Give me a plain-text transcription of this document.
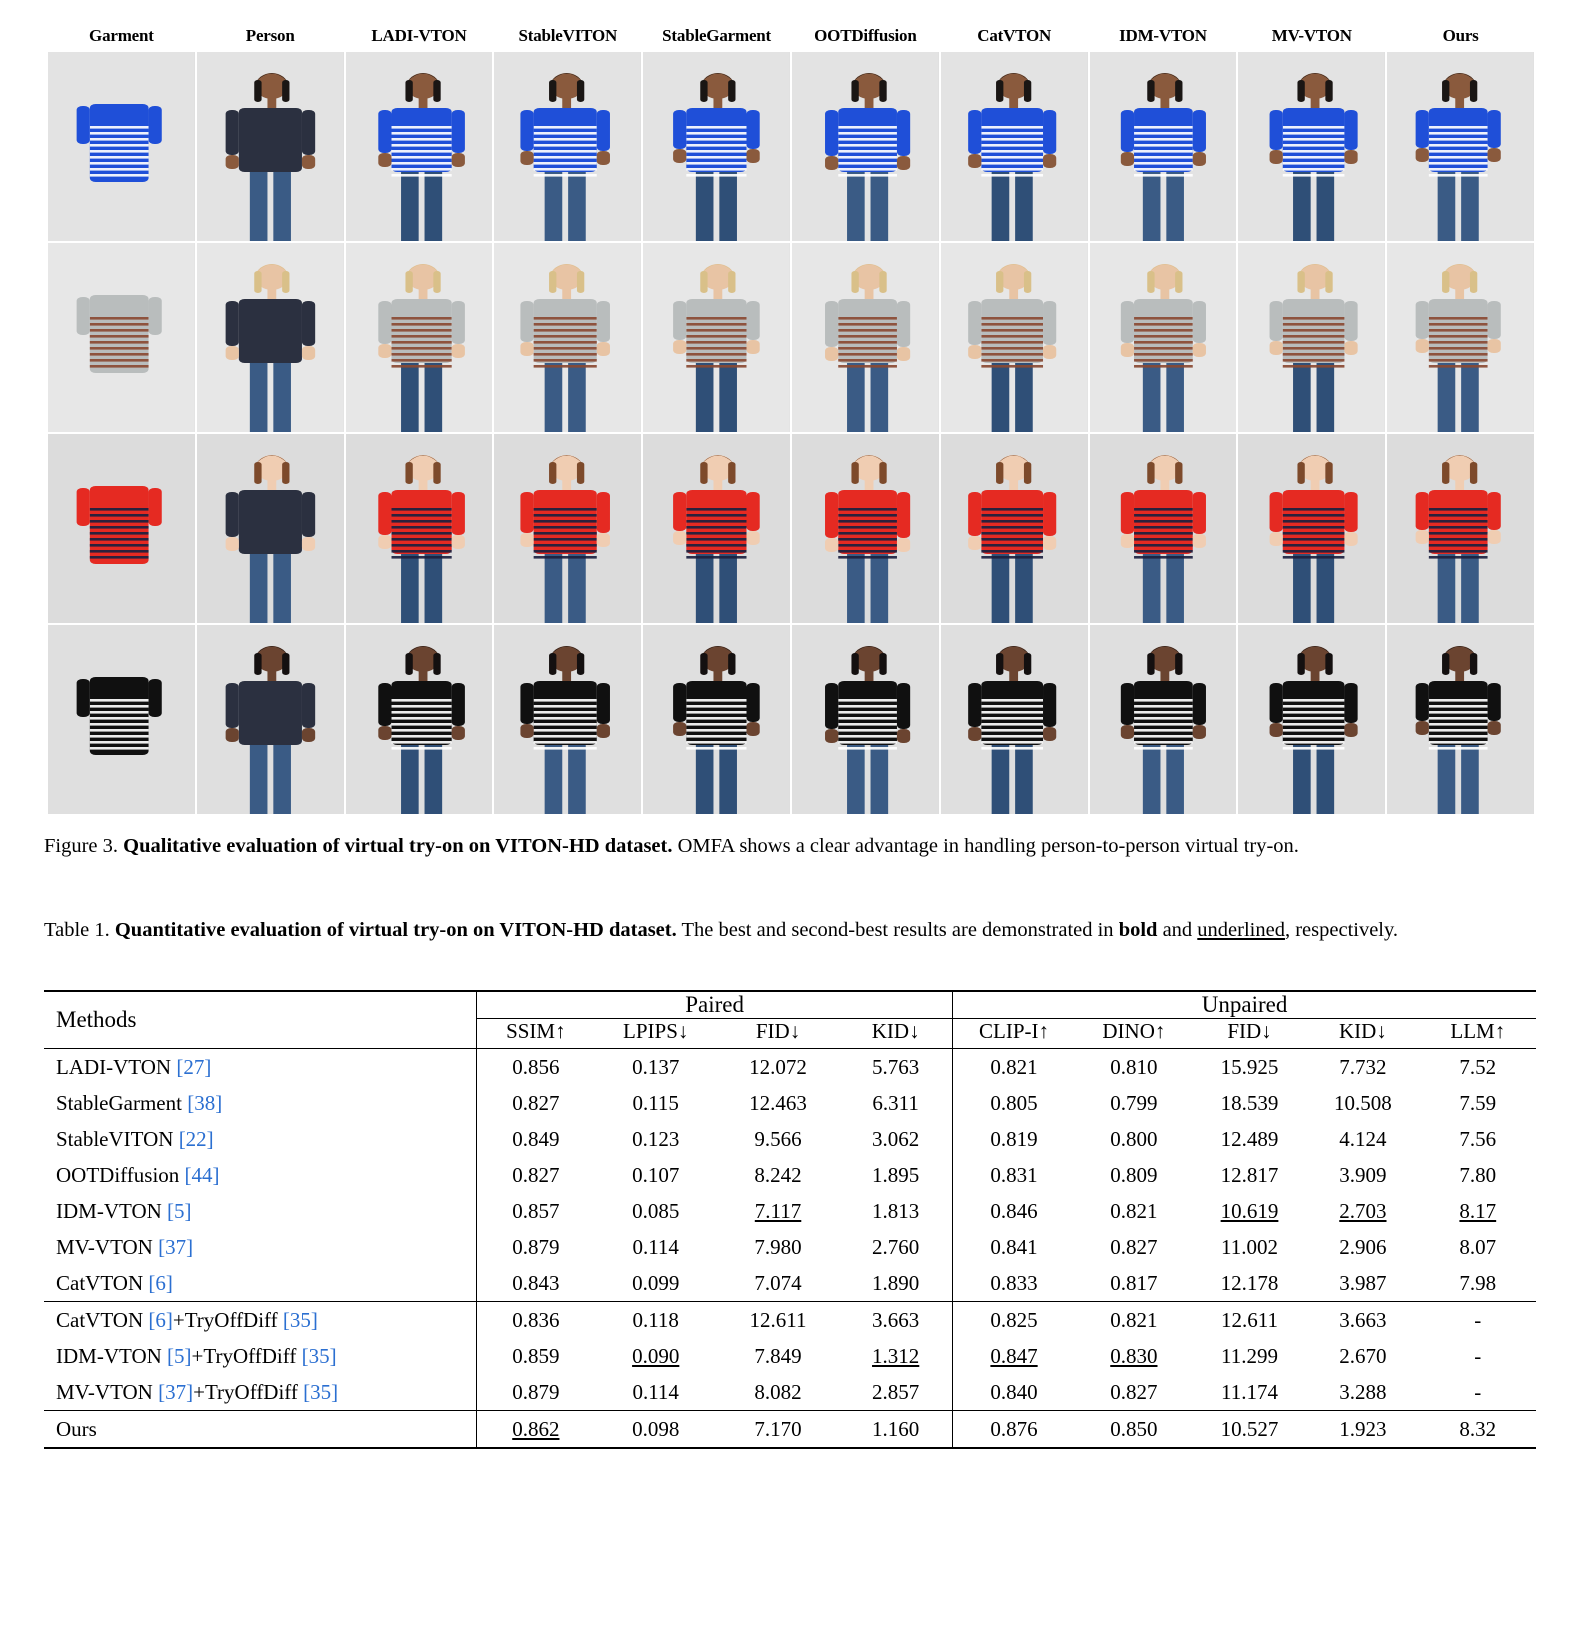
Garment	Person	LADI-VTON	StableVITON	StableGarment	OOTDiffusion	CatVTON	IDM-VTON	MV-VTON	Ours
Figure 3. Qualitative evaluation of virtual try-on on VITON-HD dataset. OMFA shows a clear advantage in handling person-to-person virtual try-on.
Table 1. Quantitative evaluation of virtual try-on on VITON-HD dataset. The best and second-best results are demonstrated in bold and underlined, respectively.
Methods	Paired				Unpaired				
	SSIM↑	LPIPS↓	FID↓	KID↓	CLIP-I↑	DINO↑	FID↓	KID↓	LLM↑
LADI-VTON [27]	0.856	0.137	12.072	5.763	0.821	0.810	15.925	7.732	7.52
StableGarment [38]	0.827	0.115	12.463	6.311	0.805	0.799	18.539	10.508	7.59
StableVITON [22]	0.849	0.123	9.566	3.062	0.819	0.800	12.489	4.124	7.56
OOTDiffusion [44]	0.827	0.107	8.242	1.895	0.831	0.809	12.817	3.909	7.80
IDM-VTON [5]	0.857	0.085	7.117	1.813	0.846	0.821	10.619	2.703	8.17
MV-VTON [37]	0.879	0.114	7.980	2.760	0.841	0.827	11.002	2.906	8.07
CatVTON [6]	0.843	0.099	7.074	1.890	0.833	0.817	12.178	3.987	7.98
CatVTON [6]+TryOffDiff [35]	0.836	0.118	12.611	3.663	0.825	0.821	12.611	3.663	-
IDM-VTON [5]+TryOffDiff [35]	0.859	0.090	7.849	1.312	0.847	0.830	11.299	2.670	-
MV-VTON [37]+TryOffDiff [35]	0.879	0.114	8.082	2.857	0.840	0.827	11.174	3.288	-
Ours	0.862	0.098	7.170	1.160	0.876	0.850	10.527	1.923	8.32
